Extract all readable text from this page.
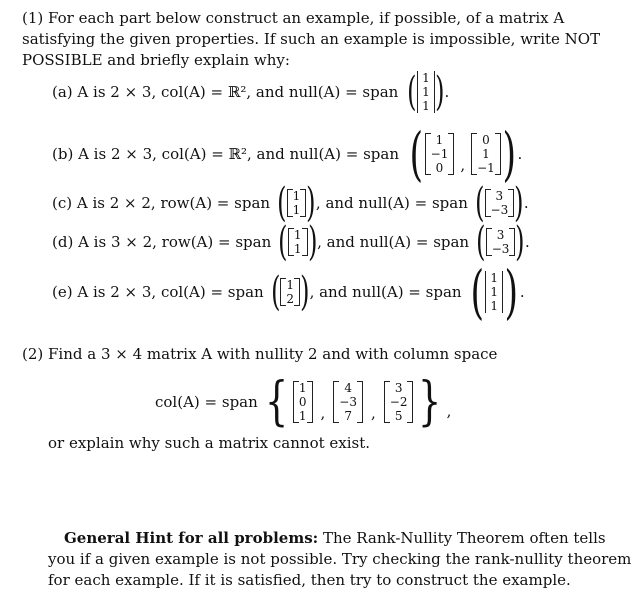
(1) For each part below construct an example, if possible, of a matrix A satisfying the given properties. If such an example is impossible, write NOT POSSIBLE and briefly explain why:
(a) A is 2 × 3, col(A) = ℝ², and null(A) = span ( 1
1
1 ) .
(b) A is 2 × 3, col(A) = ℝ², and null(A) = span (	1
−1
0	,
0
1
−1 ) .
(c) A is 2 × 2, row(A) = span ( 1
1 ) , and null(A) = span ( 3
−3 ) .
(d) A is 3 × 2, row(A) = span ( 1
1 ) , and null(A) = span ( 3
−3 ) .
(e) A is 2 × 3, col(A) = span ( 1
2 ) , and null(A) = span ( 1
1
1 ) .
(2) Find a 3 × 4 matrix A with nullity 2 and with column space
col(A) = span { 1
0
1 ,
4
−3
7	,
3
−2
5 } ,
or explain why such a matrix cannot exist.
General Hint for all problems: The Rank-Nullity Theorem often tells you if a given example is not possible. Try checking the rank-nullity theorem for each example. If it is satisfied, then try to construct the example.
